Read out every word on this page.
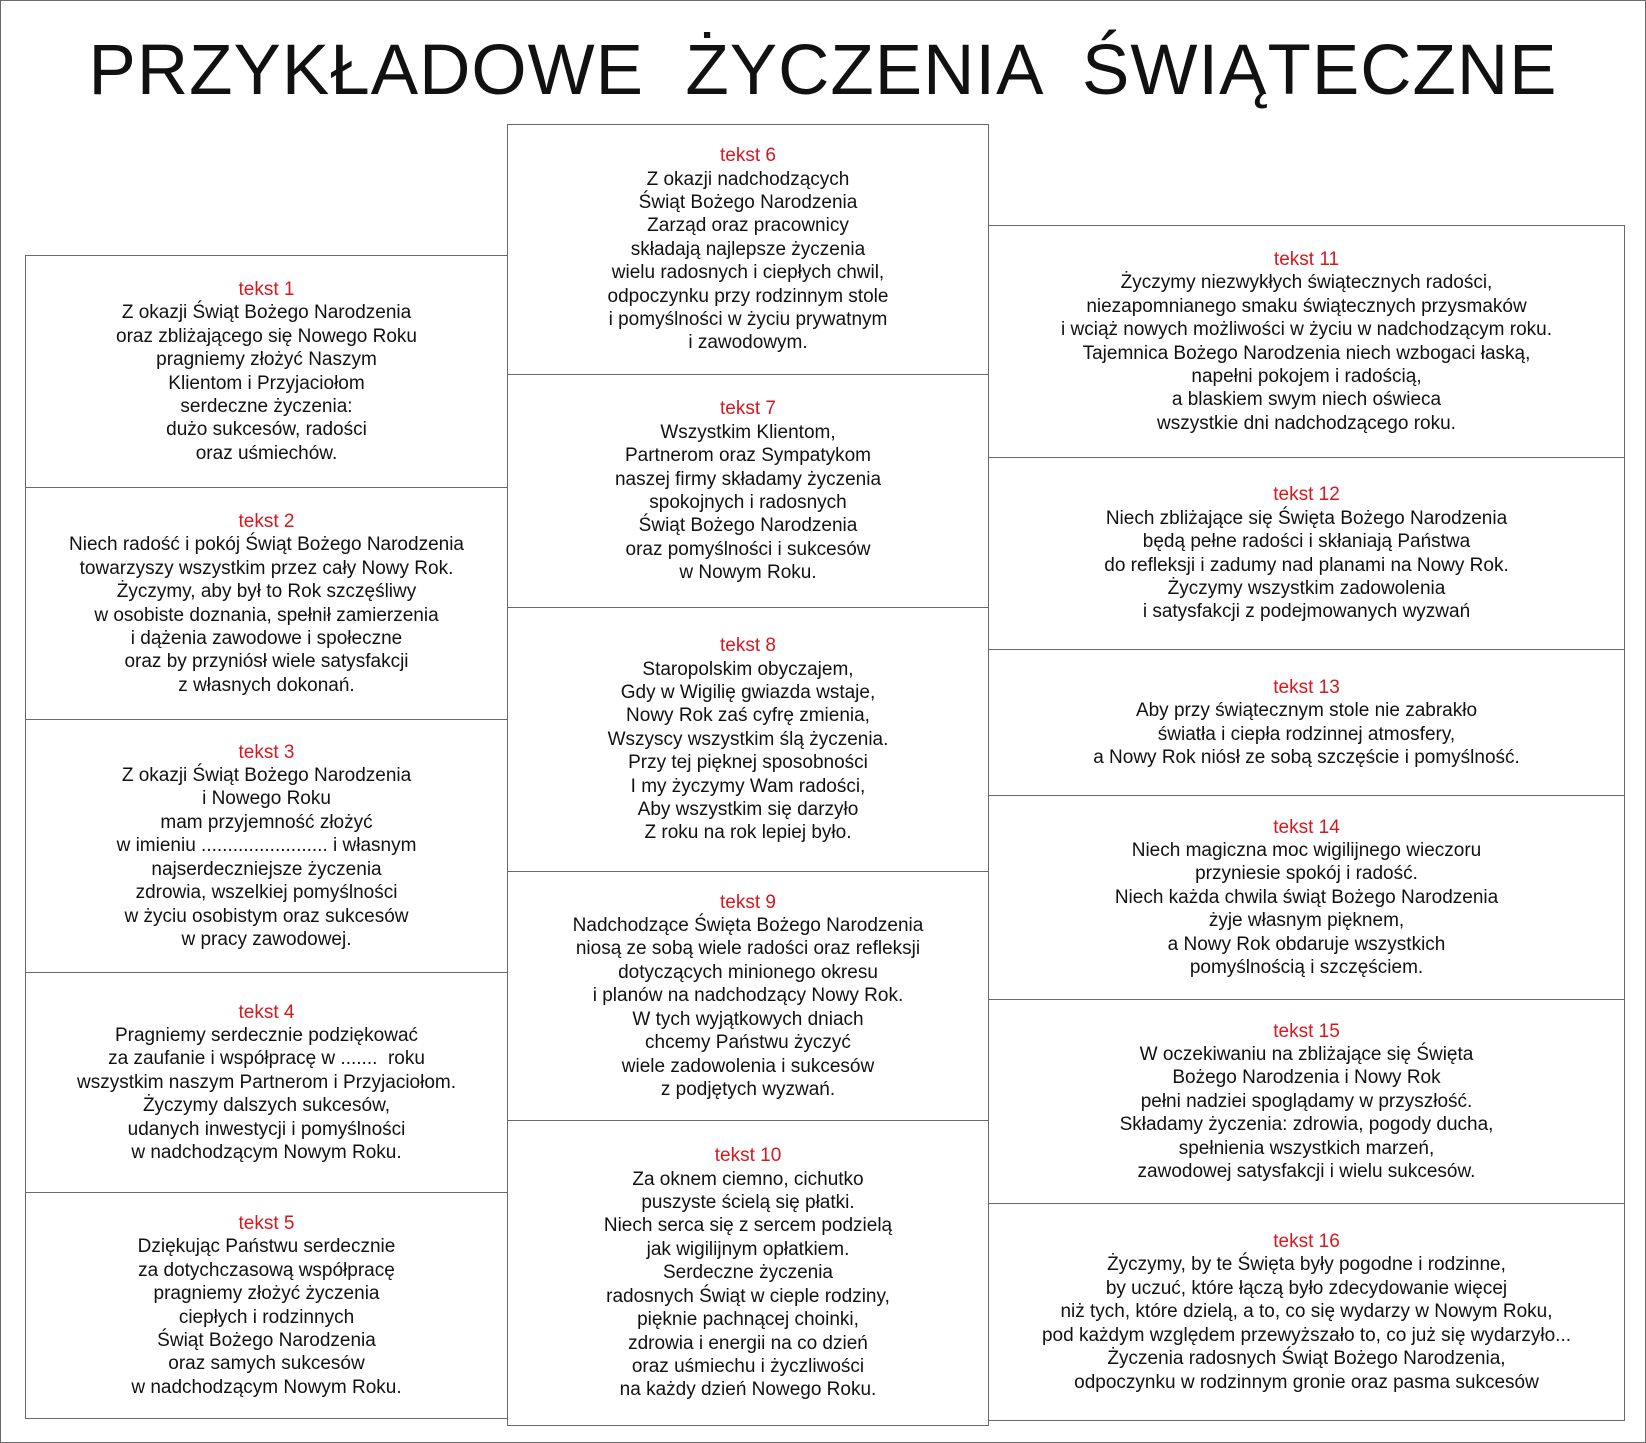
PRZYKŁADOWE  ŻYCZENIA  ŚWIĄTECZNE
tekst 1
Z okazji Świąt Bożego Narodzenia
oraz zbliżającego się Nowego Roku
pragniemy złożyć Naszym
Klientom i Przyjaciołom
serdeczne życzenia:
dużo sukcesów, radości
oraz uśmiechów.
tekst 2
Niech radość i pokój Świąt Bożego Narodzenia
towarzyszy wszystkim przez cały Nowy Rok.
Życzymy, aby był to Rok szczęśliwy
w osobiste doznania, spełnił zamierzenia
i dążenia zawodowe i społeczne
oraz by przyniósł wiele satysfakcji
z własnych dokonań.
tekst 3
Z okazji Świąt Bożego Narodzenia
i Nowego Roku
mam przyjemność złożyć
w imieniu ........................ i własnym
najserdeczniejsze życzenia
zdrowia, wszelkiej pomyślności
w życiu osobistym oraz sukcesów
w pracy zawodowej.
tekst 4
Pragniemy serdecznie podziękować
za zaufanie i współpracę w .......  roku
wszystkim naszym Partnerom i Przyjaciołom.
Życzymy dalszych sukcesów,
udanych inwestycji i pomyślności
w nadchodzącym Nowym Roku.
tekst 5
Dziękując Państwu serdecznie
za dotychczasową współpracę
pragniemy złożyć życzenia
ciepłych i rodzinnych
Świąt Bożego Narodzenia
oraz samych sukcesów
w nadchodzącym Nowym Roku.
tekst 6
Z okazji nadchodzących
Świąt Bożego Narodzenia
Zarząd oraz pracownicy
składają najlepsze życzenia
wielu radosnych i ciepłych chwil,
odpoczynku przy rodzinnym stole
i pomyślności w życiu prywatnym
i zawodowym.
tekst 7
Wszystkim Klientom,
Partnerom oraz Sympatykom
naszej firmy składamy życzenia
spokojnych i radosnych
Świąt Bożego Narodzenia
oraz pomyślności i sukcesów
w Nowym Roku.
tekst 8
Staropolskim obyczajem,
Gdy w Wigilię gwiazda wstaje,
Nowy Rok zaś cyfrę zmienia,
Wszyscy wszystkim ślą życzenia.
Przy tej pięknej sposobności
I my życzymy Wam radości,
Aby wszystkim się darzyło
Z roku na rok lepiej było.
tekst 9
Nadchodzące Święta Bożego Narodzenia
niosą ze sobą wiele radości oraz refleksji
dotyczących minionego okresu
i planów na nadchodzący Nowy Rok.
W tych wyjątkowych dniach
chcemy Państwu życzyć
wiele zadowolenia i sukcesów
z podjętych wyzwań.
tekst 10
Za oknem ciemno, cichutko
puszyste ścielą się płatki.
Niech serca się z sercem podzielą
jak wigilijnym opłatkiem.
Serdeczne życzenia
radosnych Świąt w cieple rodziny,
pięknie pachnącej choinki,
zdrowia i energii na co dzień
oraz uśmiechu i życzliwości
na każdy dzień Nowego Roku.
tekst 11
Życzymy niezwykłych świątecznych radości,
niezapomnianego smaku świątecznych przysmaków
i wciąż nowych możliwości w życiu w nadchodzącym roku.
Tajemnica Bożego Narodzenia niech wzbogaci łaską,
napełni pokojem i radością,
a blaskiem swym niech oświeca
wszystkie dni nadchodzącego roku.
tekst 12
Niech zbliżające się Święta Bożego Narodzenia
będą pełne radości i skłaniają Państwa
do refleksji i zadumy nad planami na Nowy Rok.
Życzymy wszystkim zadowolenia
i satysfakcji z podejmowanych wyzwań
tekst 13
Aby przy świątecznym stole nie zabrakło
światła i ciepła rodzinnej atmosfery,
a Nowy Rok niósł ze sobą szczęście i pomyślność.
tekst 14
Niech magiczna moc wigilijnego wieczoru
przyniesie spokój i radość.
Niech każda chwila świąt Bożego Narodzenia
żyje własnym pięknem,
a Nowy Rok obdaruje wszystkich
pomyślnością i szczęściem.
tekst 15
W oczekiwaniu na zbliżające się Święta
Bożego Narodzenia i Nowy Rok
pełni nadziei spoglądamy w przyszłość.
Składamy życzenia: zdrowia, pogody ducha,
spełnienia wszystkich marzeń,
zawodowej satysfakcji i wielu sukcesów.
tekst 16
Życzymy, by te Święta były pogodne i rodzinne,
by uczuć, które łączą było zdecydowanie więcej
niż tych, które dzielą, a to, co się wydarzy w Nowym Roku,
pod każdym względem przewyższało to, co już się wydarzyło...
Życzenia radosnych Świąt Bożego Narodzenia,
odpoczynku w rodzinnym gronie oraz pasma sukcesów
